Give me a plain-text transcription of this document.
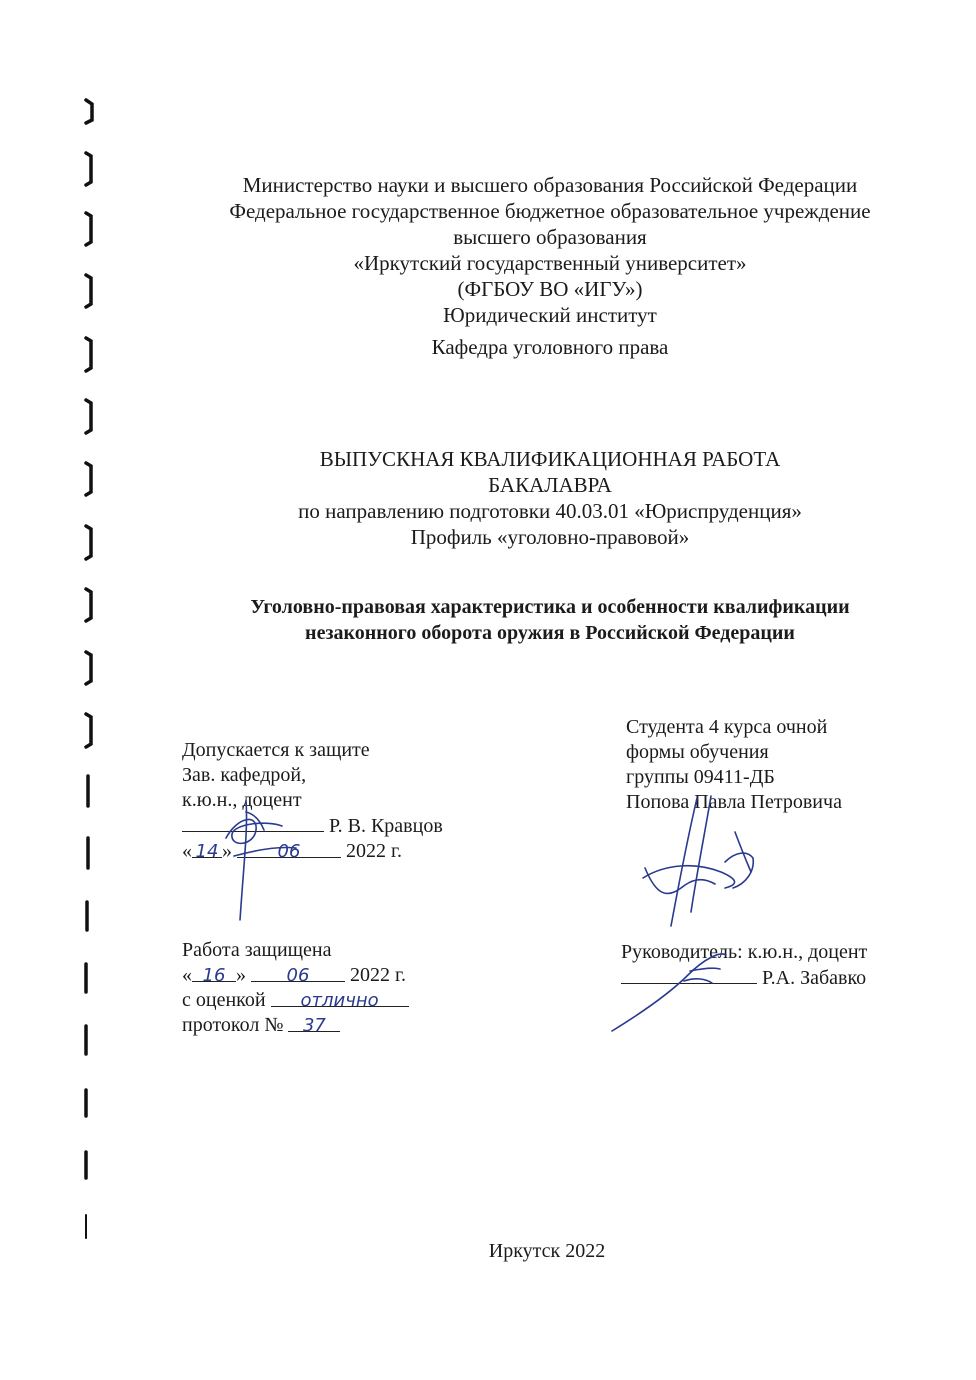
Министерство науки и высшего образования Российской Федерации
Федеральное государственное бюджетное образовательное учреждение
высшего образования
«Иркутский государственный университет»
(ФГБОУ ВО «ИГУ»)
Юридический институт
Кафедра уголовного права
ВЫПУСКНАЯ КВАЛИФИКАЦИОННАЯ РАБОТА
БАКАЛАВРА
по направлению подготовки 40.03.01 «Юриспруденция»
Профиль «уголовно-правовой»
Уголовно-правовая характеристика и особенности квалификации
незаконного оборота оружия в Российской Федерации
Допускается к защите
Зав. кафедрой,
к.ю.н., доцент
Р. В. Кравцов
« 14 »	06 2022 г.
Студента 4 курса очной
формы обучения
группы 09411-ДБ
Попова Павла Петровича
Работа защищена
« 16 » 06 2022 г.
с оценкой отлично
протокол № 37
Руководитель: к.ю.н., доцент
Р.А. Забавко
Иркутск 2022
